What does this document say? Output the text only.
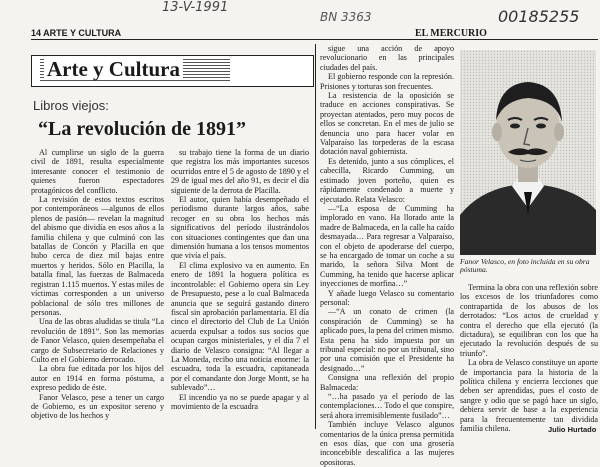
13-V-1991
BN 3363	00185255
14 ARTE Y CULTURA	EL MERCURIO
Arte y Cultura
Libros viejos:
“La revolución de 1891”

Al cumplirse un siglo de la guerra civil de 1891, resulta especialmente interesante conocer el testimonio de quienes fueron espectadores protagónicos del conflicto.

La revisión de estos textos escritos por contemporáneos —algunos de ellos plenos de pasión— revelan la magnitud del abismo que dividía en esos años a la familia chilena y que culminó con las batallas de Concón y Placilla en que hubo cerca de diez mil bajas entre muertos y heridos. Sólo en Placilla, la batalla final, las fuerzas de Balmaceda registran 1.115 muertos. Y estas miles de víctimas corresponden a un universo poblacional de sólo tres millones de personas.

Una de las obras aludidas se titula “La revolución de 1891”. Son las memorias de Fanor Velasco, quien desempeñaba el cargo de Subsecretario de Relaciones y Culto en el Gobierno derrocado.

La obra fue editada por los hijos del autor en 1914 en forma póstuma, a expreso pedido de éste.

Fanor Velasco, pese a tener un cargo de Gobierno, es un expositor sereno y objetivo de los hechos y

su trabajo tiene la forma de un diario que registra los más importantes sucesos ocurridos entre el 5 de agosto de 1890 y el 29 de igual mes del año 91, es decir el día siguiente de la derrota de Placilla.

El autor, quien había desempeñado el periodismo durante largos años, sabe recoger en su obra los hechos más significativos del período ilustrándolos con situaciones contingentes que dan una dimensión humana a los tensos momentos que vivía el país.

El clima explosivo va en aumento. En enero de 1891 la hoguera política es incontrolable: el Gobierno opera sin Ley de Presupuesto, pese a lo cual Balmaceda anuncia que se seguirá gastando dinero fiscal sin aprobación parlamentaria. El día cinco el directorio del Club de La Unión acuerda expulsar a todos sus socios que ocupan cargos ministeriales, y el día 7 el diario de Velasco consigna: “Al llegar a La Moneda, recibo una noticia enorme: la escuadra, toda la escuadra, capitaneada por el comandante don Jorge Montt, se ha sublevado”…

El incendio ya no se puede apagar y al movimiento de la escuadra

sigue una acción de apoyo revolucionario en las principales ciudades del país.

El gobierno responde con la represión. Prisiones y torturas son frecuentes.

La resistencia de la oposición se traduce en acciones conspirativas. Se proyectan atentados, pero muy pocos de ellos se concretan. En el mes de julio se denuncia uno para hacer volar en Valparaíso las torpederas de la escasa dotación naval gobiernista.

Es detenido, junto a sus cómplices, el cabecilla, Ricardo Cumming, un estimado joven porteño, quien es rápidamente condenado a muerte y ejecutado. Relata Velasco:

—“La esposa de Cumming ha implorado en vano. Ha llorado ante la madre de Balmaceda, en la calle ha caído desmayada… Para regresar a Valparaíso, con el objeto de apoderarse del cuerpo, se ha encargado de tomar un coche a su marido, la señora Silva Mont de Cumming, ha tenido que hacerse aplicar inyecciones de morfina…”

Y añade luego Velasco su comentario personal:

—“A un conato de crimen (la conspiración de Cumming) se ha aplicado pues, la pena del crimen mismo. Esta pena ha sido impuesta por un tribunal especial: no por un tribunal, sino por una comisión que el Presidente ha designado…”

Consigna una reflexión del propio Balmaceda:

“…ha pasado ya el período de las contemplaciones… Todo el que conspire, será ahora irremisiblemente fusilado”…

También incluye Velasco algunos comentarios de la única prensa permitida en esos días, que con una grosería inconcebible descalifica a las mujeres opositoras.

Fanor Velasco, en foto incluida en su obra póstuma.

Termina la obra con una reflexión sobre los excesos de los triunfadores como contrapartida de los abusos de los derrotados: “Los actos de crueldad y contra el derecho que ella ejecutó (la dictadura), se equilibran con los que ha ejecutado la revolución después de su triunfo”.

La obra de Velasco constituye un aporte de importancia para la historia de la política chilena y encierra lecciones que deben ser aprendidas, pues el costo de sangre y odio que se pagó hace un siglo, debiera servir de base a la experiencia para la frecuentemente tan dividida familia chilena.	Julio Hurtado
